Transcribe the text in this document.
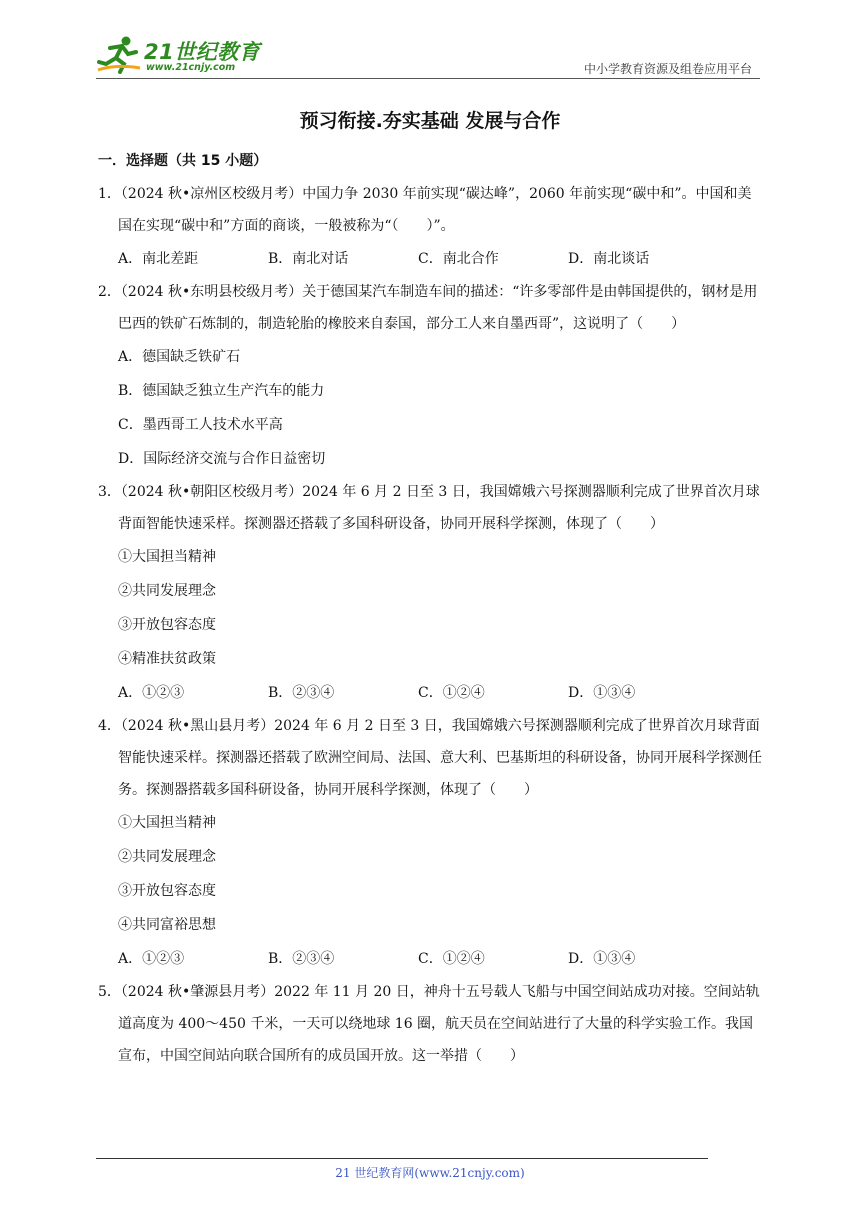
21世纪教育
www.21cnjy.com	中小学教育资源及组卷应用平台
预习衔接.夯实基础 发展与合作
一．选择题（共 15 小题）
1．（2024 秋•凉州区校级月考）中国力争 2030 年前实现“碳达峰”，2060 年前实现“碳中和”。中国和美国在实现“碳中和”方面的商谈，一般被称为“（　　）”。
A．南北差距	B．南北对话	C．南北合作	D．南北谈话
2．（2024 秋•东明县校级月考）关于德国某汽车制造车间的描述：“许多零部件是由韩国提供的，钢材是用巴西的铁矿石炼制的，制造轮胎的橡胶来自泰国，部分工人来自墨西哥”，这说明了（　　）
A．德国缺乏铁矿石
B．德国缺乏独立生产汽车的能力
C．墨西哥工人技术水平高
D．国际经济交流与合作日益密切
3．（2024 秋•朝阳区校级月考）2024 年 6 月 2 日至 3 日，我国嫦娥六号探测器顺利完成了世界首次月球背面智能快速采样。探测器还搭载了多国科研设备，协同开展科学探测，体现了（　　）
①大国担当精神
②共同发展理念
③开放包容态度
④精准扶贫政策
A．①②③	B．②③④	C．①②④	D．①③④
4．（2024 秋•黑山县月考）2024 年 6 月 2 日至 3 日，我国嫦娥六号探测器顺利完成了世界首次月球背面智能快速采样。探测器还搭载了欧洲空间局、法国、意大利、巴基斯坦的科研设备，协同开展科学探测任务。探测器搭载多国科研设备，协同开展科学探测，体现了（　　）
①大国担当精神
②共同发展理念
③开放包容态度
④共同富裕思想
A．①②③	B．②③④	C．①②④	D．①③④
5．（2024 秋•肇源县月考）2022 年 11 月 20 日，神舟十五号载人飞船与中国空间站成功对接。空间站轨道高度为 400～450 千米，一天可以绕地球 16 圈，航天员在空间站进行了大量的科学实验工作。我国宣布，中国空间站向联合国所有的成员国开放。这一举措（　　）
21 世纪教育网(www.21cnjy.com)
